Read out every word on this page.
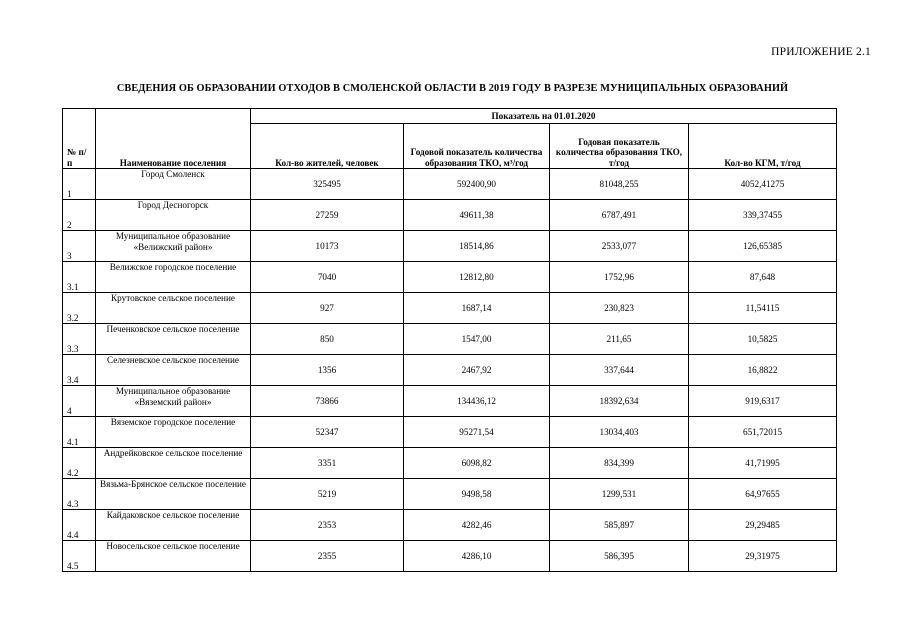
ПРИЛОЖЕНИЕ 2.1
СВЕДЕНИЯ ОБ ОБРАЗОВАНИИ ОТХОДОВ В СМОЛЕНСКОЙ ОБЛАСТИ В 2019 ГОДУ В РАЗРЕЗЕ МУНИЦИПАЛЬНЫХ ОБРАЗОВАНИЙ
№ п/п	Наименование поселения	Показатель на 01.01.2020			
		Кол-во жителей, человек	Годовой показатель количества образования ТКО, м³/год	Годовая показатель количества образования ТКО, т/год	Кол-во КГМ, т/год
1	Город Смоленск	325495	592400,90	81048,255	4052,41275
2	Город Десногорск	27259	49611,38	6787,491	339,37455
3	Муниципальное образование «Велижский район»	10173	18514,86	2533,077	126,65385
3.1	Велижское городское поселение	7040	12812,80	1752,96	87,648
3.2	Крутовское сельское поселение	927	1687,14	230,823	11,54115
3.3	Печенковское сельское поселение	850	1547,00	211,65	10,5825
3.4	Селезневское сельское поселение	1356	2467,92	337,644	16,8822
4	Муниципальное образование «Вяземский район»	73866	134436,12	18392,634	919,6317
4.1	Вяземское городское поселение	52347	95271,54	13034,403	651,72015
4.2	Андрейковское сельское поселение	3351	6098,82	834,399	41,71995
4.3	Вязьма-Брянское сельское поселение	5219	9498,58	1299,531	64,97655
4.4	Кайдаковское сельское поселение	2353	4282,46	585,897	29,29485
4.5	Новосельское сельское поселение	2355	4286,10	586,395	29,31975
